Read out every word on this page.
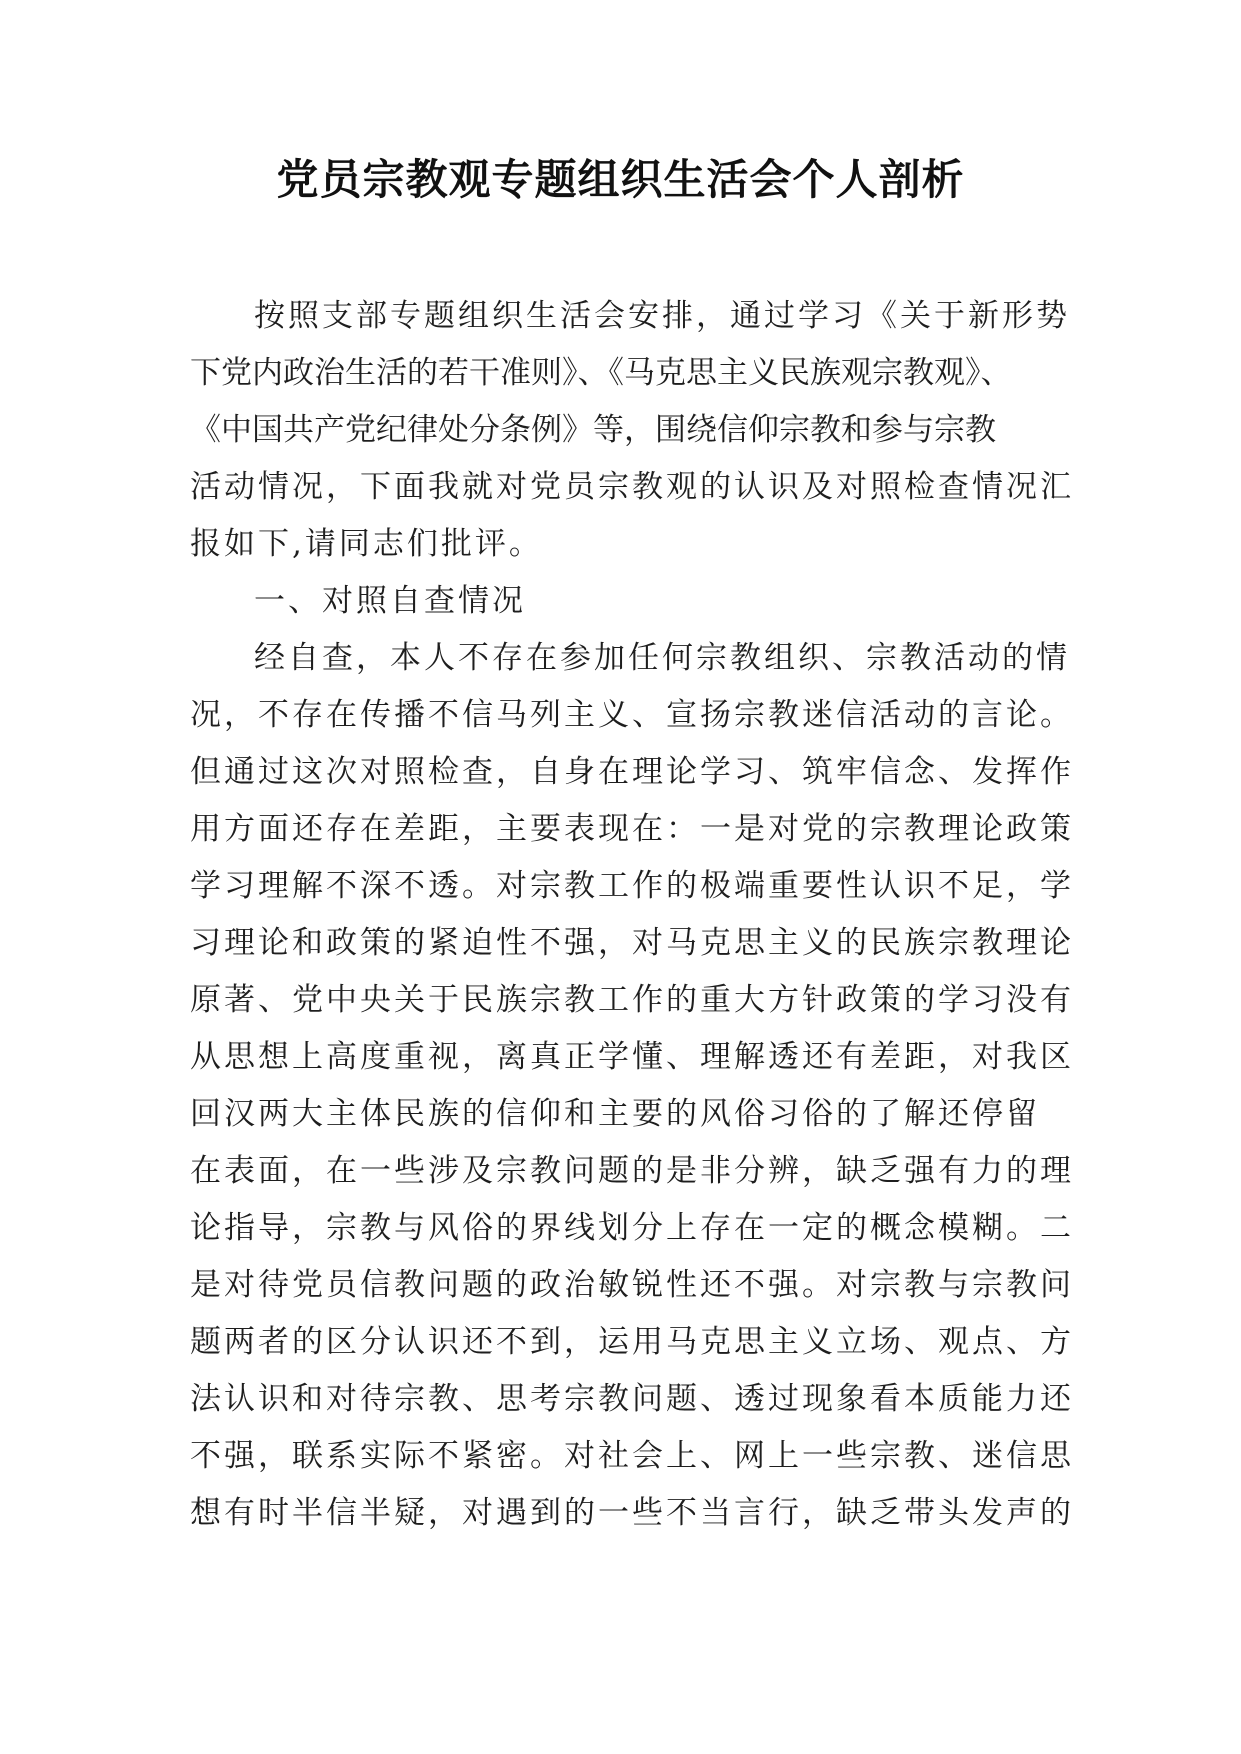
党员宗教观专题组织生活会个人剖析
按照支部专题组织生活会安排，通过学习《关于新形势
下党内政治生活的若干准则》、《马克思主义民族观宗教观》、
《中国共产党纪律处分条例》等，围绕信仰宗教和参与宗教
活动情况，下面我就对党员宗教观的认识及对照检查情况汇
报如下,请同志们批评。
一、对照自查情况
经自查，本人不存在参加任何宗教组织、宗教活动的情
况，不存在传播不信马列主义、宣扬宗教迷信活动的言论。
但通过这次对照检查，自身在理论学习、筑牢信念、发挥作
用方面还存在差距，主要表现在：一是对党的宗教理论政策
学习理解不深不透。对宗教工作的极端重要性认识不足，学
习理论和政策的紧迫性不强，对马克思主义的民族宗教理论
原著、党中央关于民族宗教工作的重大方针政策的学习没有
从思想上高度重视，离真正学懂、理解透还有差距，对我区
回汉两大主体民族的信仰和主要的风俗习俗的了解还停留
在表面，在一些涉及宗教问题的是非分辨，缺乏强有力的理
论指导，宗教与风俗的界线划分上存在一定的概念模糊。二
是对待党员信教问题的政治敏锐性还不强。对宗教与宗教问
题两者的区分认识还不到，运用马克思主义立场、观点、方
法认识和对待宗教、思考宗教问题、透过现象看本质能力还
不强，联系实际不紧密。对社会上、网上一些宗教、迷信思
想有时半信半疑，对遇到的一些不当言行，缺乏带头发声的
